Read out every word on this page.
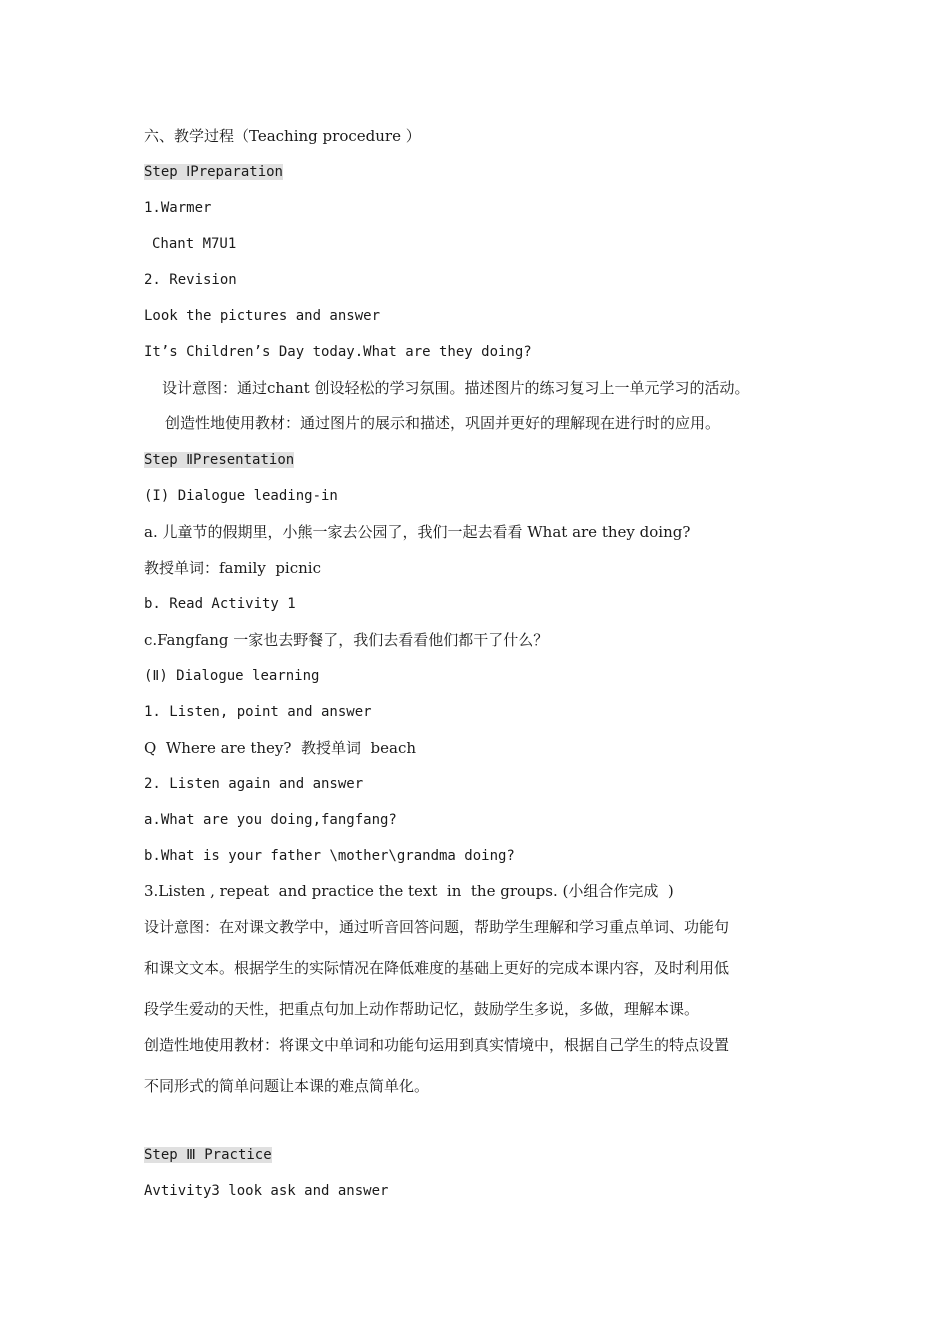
六、教学过程（Teaching procedure ）
Step ⅠPreparation
1.Warmer
Chant M7U1
2. Revision
Look the pictures and answer
It’s Children’s Day today.What are they doing?
设计意图：通过chant 创设轻松的学习氛围。描述图片的练习复习上一单元学习的活动。
创造性地使用教材：通过图片的展示和描述，巩固并更好的理解现在进行时的应用。
Step ⅡPresentation
(I) Dialogue leading-in
a. 儿童节的假期里，小熊一家去公园了，我们一起去看看 What are they doing?
教授单词：family  picnic
b. Read Activity 1
c.Fangfang 一家也去野餐了，我们去看看他们都干了什么？
(Ⅱ) Dialogue learning
1. Listen, point and answer
Q  Where are they?  教授单词  beach
2. Listen again and answer
a.What are you doing,fangfang?
b.What is your father \mother\grandma doing?
3.Listen , repeat  and practice the text  in  the groups. (小组合作完成  )
设计意图：在对课文教学中，通过听音回答问题，帮助学生理解和学习重点单词、功能句
和课文文本。根据学生的实际情况在降低难度的基础上更好的完成本课内容，及时利用低
段学生爱动的天性，把重点句加上动作帮助记忆，鼓励学生多说，多做，理解本课。
创造性地使用教材：将课文中单词和功能句运用到真实情境中，根据自己学生的特点设置
不同形式的简单问题让本课的难点简单化。
Step Ⅲ Practice
Avtivity3 look ask and answer
